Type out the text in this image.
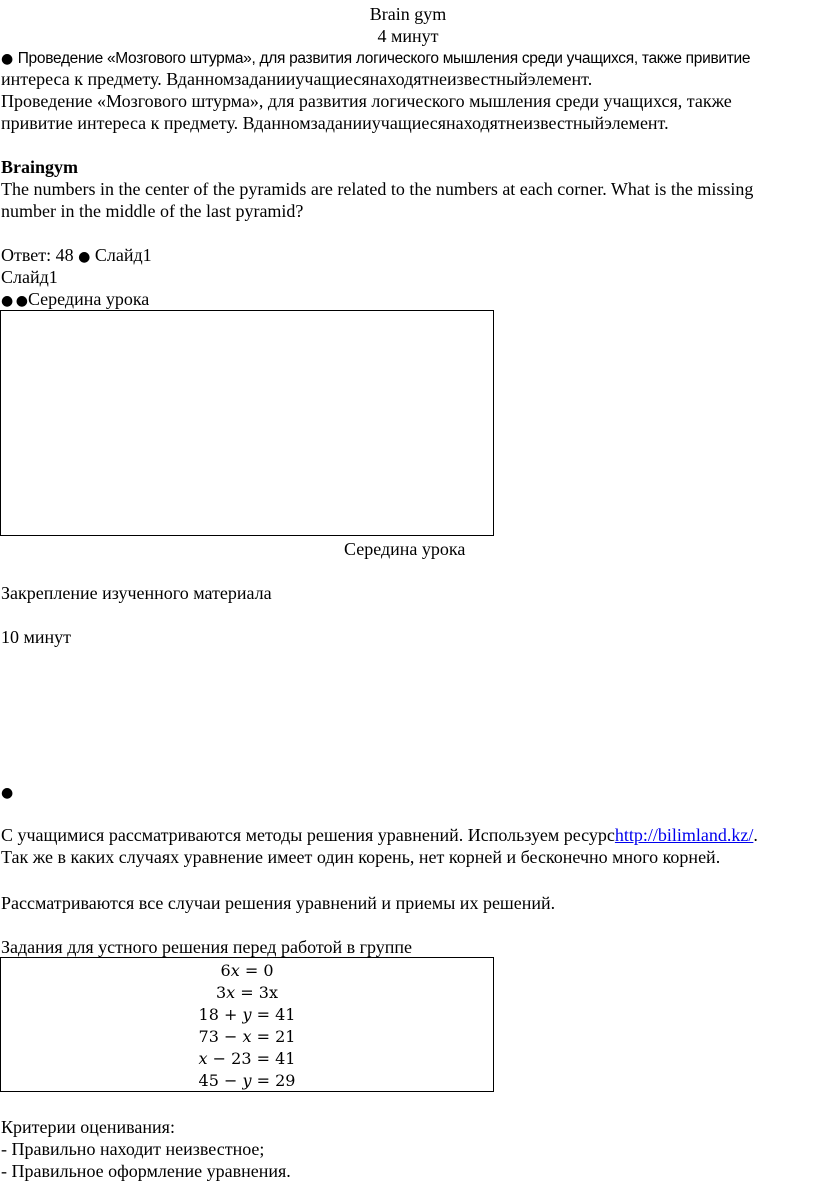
Brain gym
4 минут
● Проведение «Мозгового штурма», для развития логического мышления среди учащихся, также привитие
интереса к предмету. Вданномзаданииучащиесянаходятнеизвестныйэлемент.
Проведение «Мозгового штурма», для развития логического мышления среди учащихся, также
привитие интереса к предмету. Вданномзаданииучащиесянаходятнеизвестныйэлемент.
Braingym
The numbers in the center of the pyramids are related to the numbers at each corner. What is the missing
number in the middle of the last pyramid?
Ответ: 48 ● Слайд1
Слайд1
● ●Середина урока
Середина урока
Закрепление изученного материала
10 минут
●
С учащимися рассматриваются методы решения уравнений. Используем ресурсhttp://bilimland.kz/.
Так же в каких случаях уравнение имеет один корень, нет корней и бесконечно много корней.
Рассматриваются все случаи решения уравнений и приемы их решений.
Задания для устного решения перед работой в группе
6x = 0
3x = 3x
18 + y = 41
73 − x = 21
x − 23 = 41
45 − y = 29
Критерии оценивания:
- Правильно находит неизвестное;
- Правильное оформление уравнения.
